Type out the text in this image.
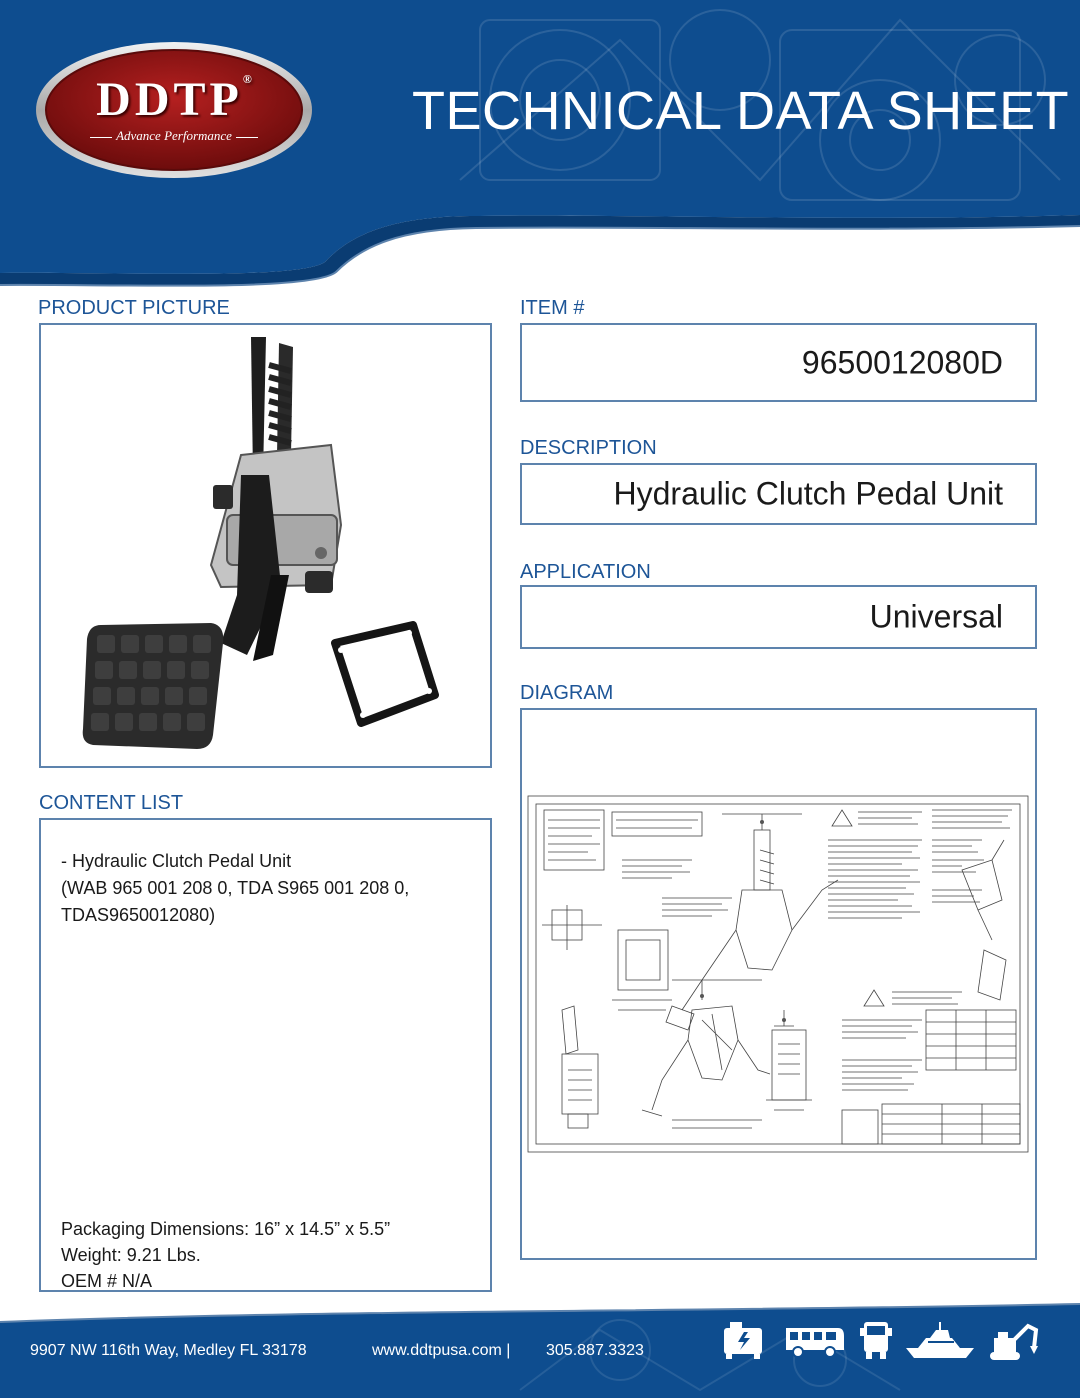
DDTP®
Advance Performance	TECHNICAL DATA SHEET
PRODUCT PICTURE	ITEM #
9650012080D
DESCRIPTION
Hydraulic Clutch Pedal Unit
APPLICATION
Universal
DIAGRAM
CONTENT LIST
- Hydraulic Clutch Pedal Unit
(WAB 965 001 208 0, TDA S965 001 208 0,
TDAS9650012080)
Packaging Dimensions: 16” x 14.5” x 5.5”
Weight: 9.21 Lbs.
OEM # N/A
9907 NW 116th Way, Medley FL 33178	www.ddtpusa.com | 305.887.3323
